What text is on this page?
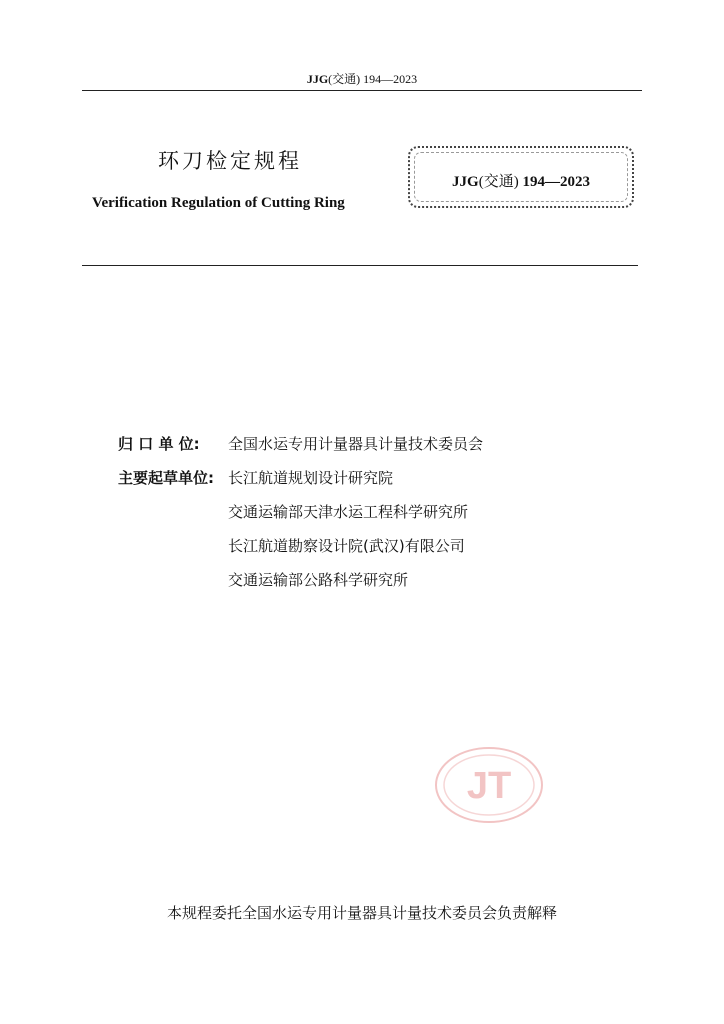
JJG(交通) 194—2023
环刀检定规程
Verification Regulation of Cutting Ring
JJG(交通) 194—2023
归 口 单 位: 全国水运专用计量器具计量技术委员会
主要起草单位: 长江航道规划设计研究院
交通运输部天津水运工程科学研究所
长江航道勘察设计院(武汉)有限公司
交通运输部公路科学研究所
JT
本规程委托全国水运专用计量器具计量技术委员会负责解释
